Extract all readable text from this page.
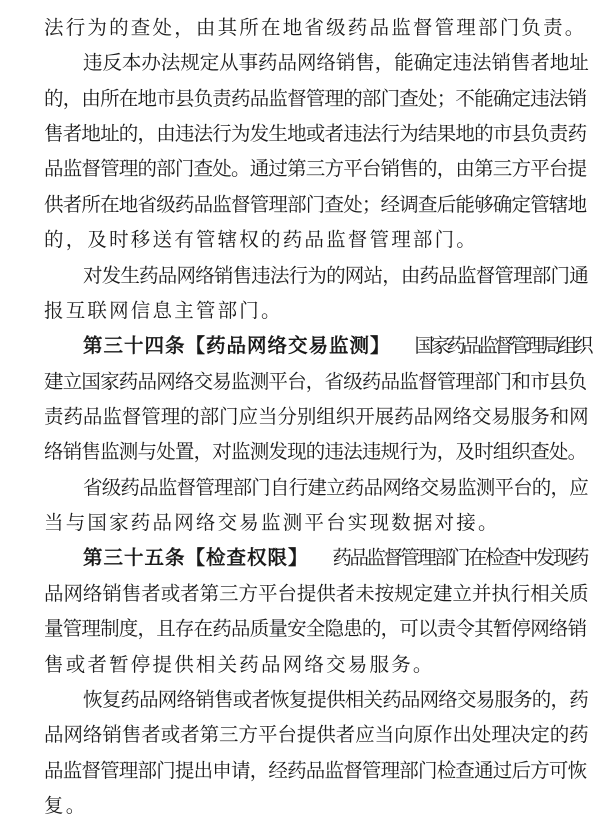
法行为的查处，由其所在地省级药品监督管理部门负责。
违反本办法规定从事药品网络销售，能确定违法销售者地址
的，由所在地市县负责药品监督管理的部门查处；不能确定违法销
售者地址的，由违法行为发生地或者违法行为结果地的市县负责药
品监督管理的部门查处。通过第三方平台销售的，由第三方平台提
供者所在地省级药品监督管理部门查处；经调查后能够确定管辖地
的，及时移送有管辖权的药品监督管理部门。
对发生药品网络销售违法行为的网站，由药品监督管理部门通
报互联网信息主管部门。
第三十四条【药品网络交易监测】 国家药品监督管理局组织
建立国家药品网络交易监测平台，省级药品监督管理部门和市县负
责药品监督管理的部门应当分别组织开展药品网络交易服务和网
络销售监测与处置，对监测发现的违法违规行为，及时组织查处。
省级药品监督管理部门自行建立药品网络交易监测平台的，应
当与国家药品网络交易监测平台实现数据对接。
第三十五条【检查权限】 药品监督管理部门在检查中发现药
品网络销售者或者第三方平台提供者未按规定建立并执行相关质
量管理制度，且存在药品质量安全隐患的，可以责令其暂停网络销
售或者暂停提供相关药品网络交易服务。
恢复药品网络销售或者恢复提供相关药品网络交易服务的，药
品网络销售者或者第三方平台提供者应当向原作出处理决定的药
品监督管理部门提出申请，经药品监督管理部门检查通过后方可恢
复。
